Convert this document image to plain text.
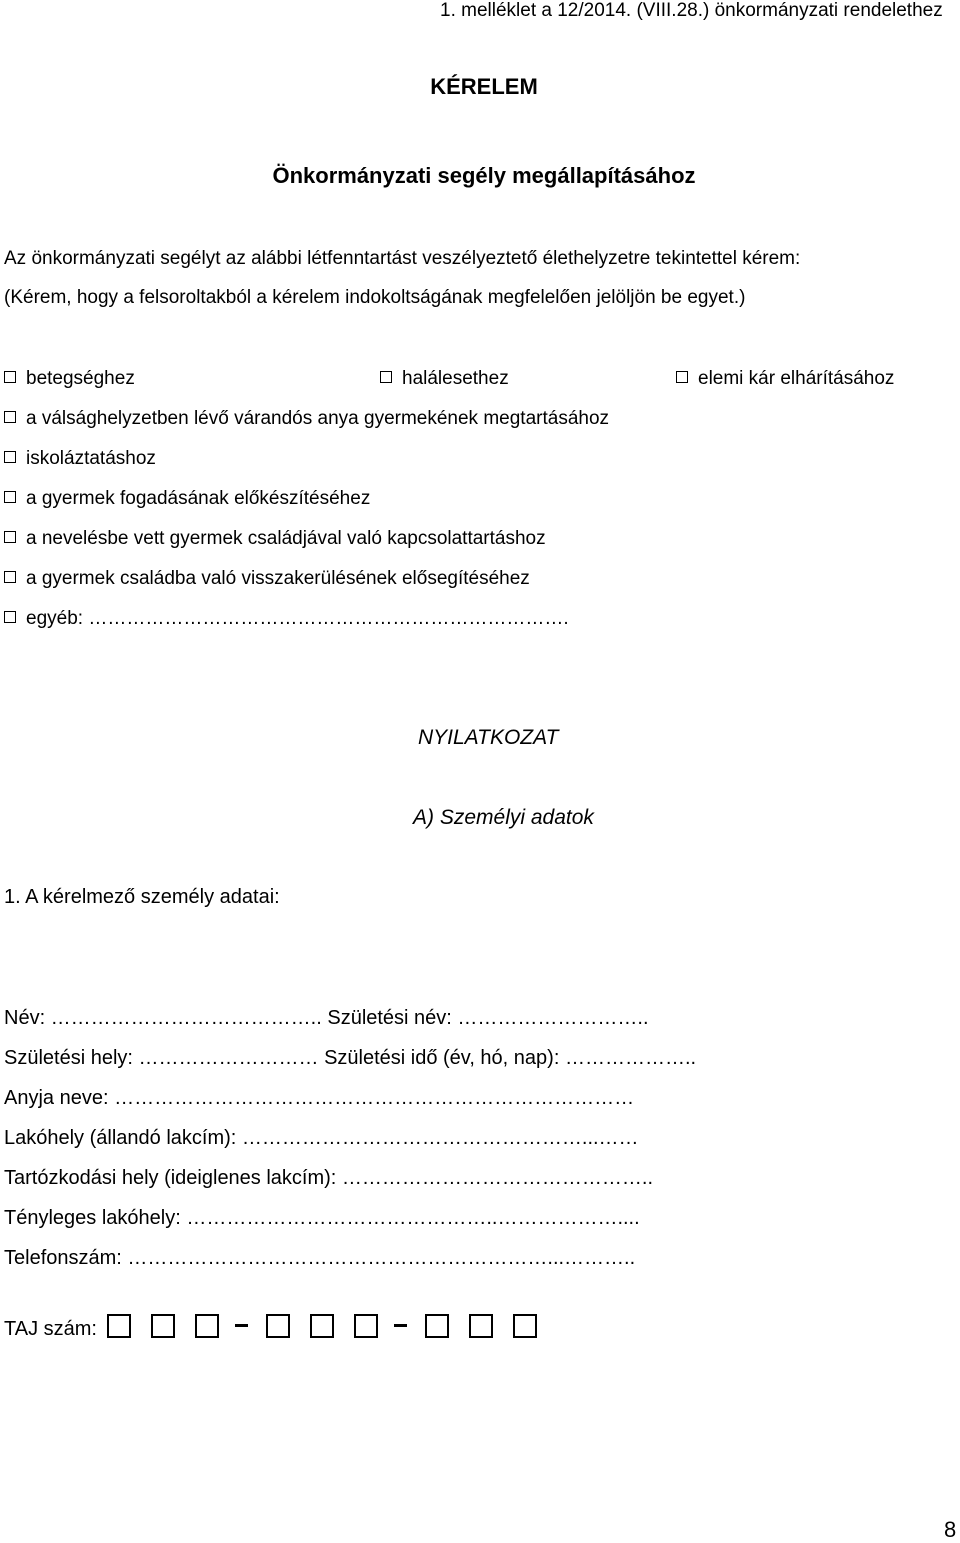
1. melléklet a 12/2014. (VIII.28.) önkormányzati rendelethez
KÉRELEM
Önkormányzati segély megállapításához
Az önkormányzati segélyt az alábbi létfenntartást veszélyeztető élethelyzetre tekintettel kérem:
(Kérem, hogy a felsoroltakból a kérelem indokoltságának megfelelően jelöljön be egyet.)
betegséghez	halálesethez	elemi kár elhárításához
a válsághelyzetben lévő várandós anya gyermekének megtartásához
iskoláztatáshoz
a gyermek fogadásának előkészítéséhez
a nevelésbe vett gyermek családjával való kapcsolattartáshoz
a gyermek családba való visszakerülésének elősegítéséhez
egyéb: ………………………………………………………………….
NYILATKOZAT
A) Személyi adatok
1. A kérelmező személy adatai:
Név: ………………………………….. Születési név: ………………………..
Születési hely: ……………………… Születési idő (év, hó, nap): ………………..
Anyja neve: ……………………………………………………………………
Lakóhely (állandó lakcím): ……………………………………………...……
Tartózkodási hely (ideiglenes lakcím): ………………………………………..
Tényleges lakóhely: ………………………………………..………………....
Telefonszám: ………………………………………………………...………..
TAJ szám:
8
